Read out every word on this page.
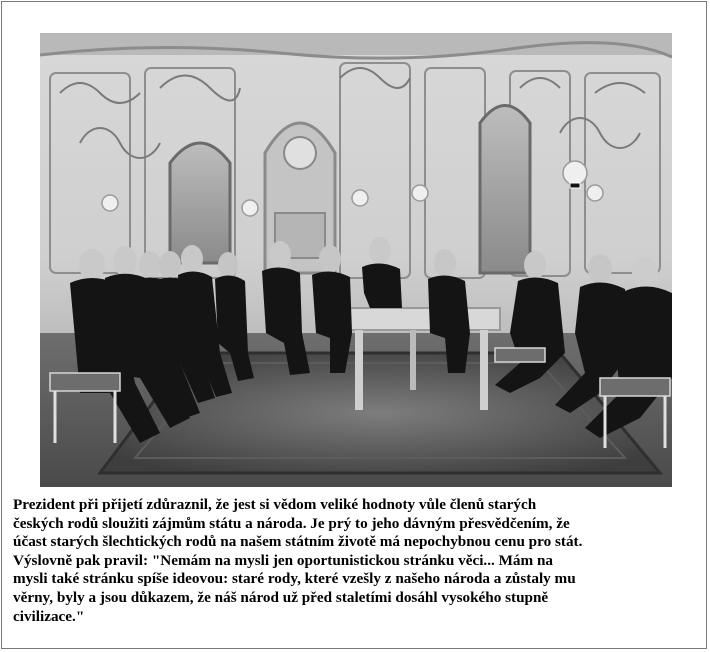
Prezident při přijetí zdůraznil, že jest si vědom veliké hodnoty vůle členů starých
českých rodů sloužiti zájmům státu a národa. Je prý to jeho dávným přesvědčením, že
účast starých šlechtických rodů na našem státním životě má nepochybnou cenu pro stát.
Výslovně pak pravil: "Nemám na mysli jen oportunistickou stránku věci... Mám na
mysli také stránku spíše ideovou: staré rody, které vzešly z našeho národa a zůstaly mu
věrny, byly a jsou důkazem, že náš národ už před staletími dosáhl vysokého stupně
civilizace."
